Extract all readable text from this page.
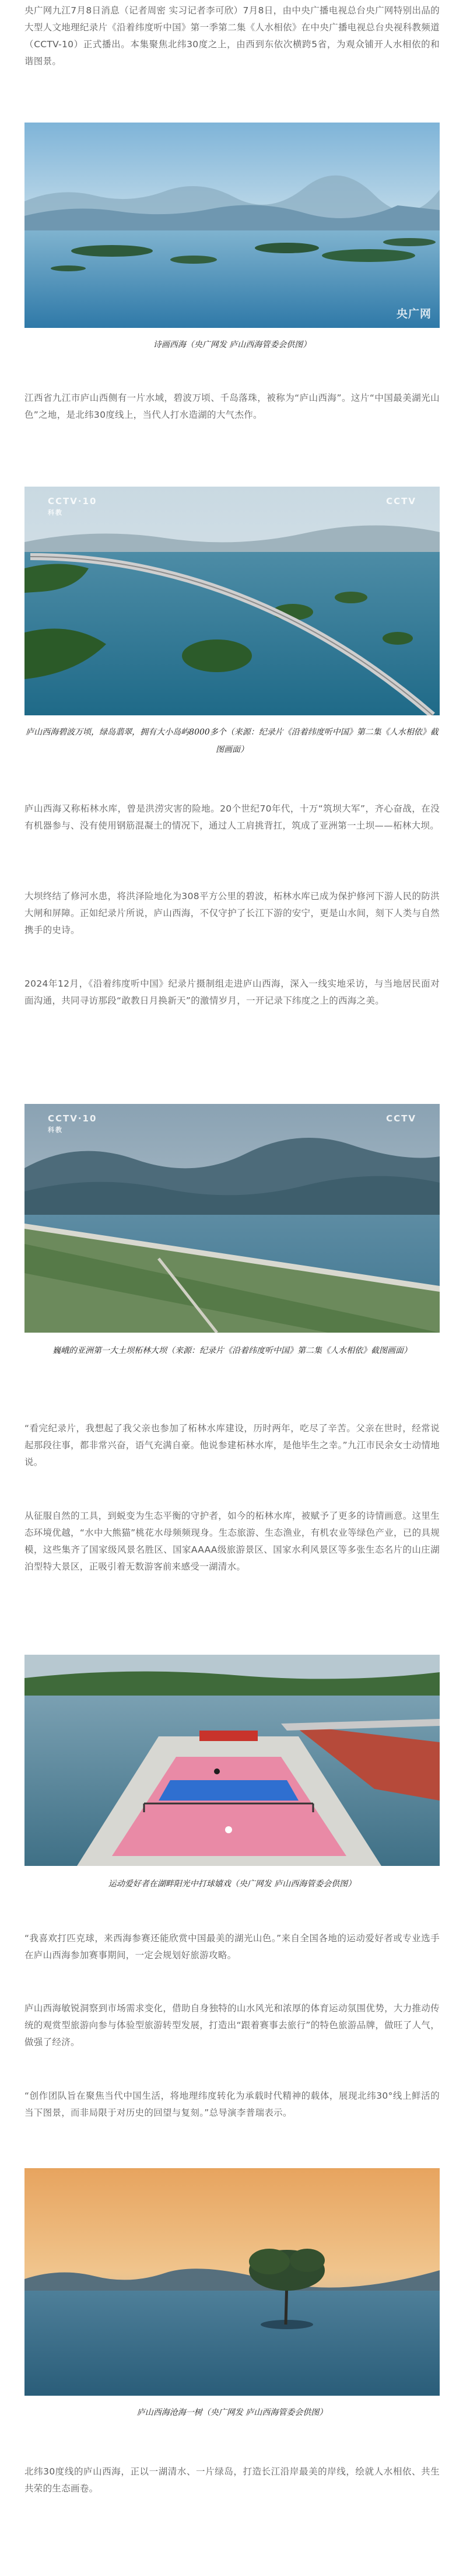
央广网九江7月8日消息（记者周密 实习记者李可欣）7月8日，由中央广播电视总台央广网特别出品的大型人文地理纪录片《沿着纬度听中国》第一季第二集《人水相依》在中央广播电视总台央视科教频道（CCTV-10）正式播出。本集聚焦北纬30度之上，由西到东依次横跨5省，为观众铺开人水相依的和谐图景。

央广网

诗画西海（央广网发 庐山西海管委会供图）

江西省九江市庐山西侧有一片水域，碧波万顷、千岛落珠，被称为“庐山西海”。这片“中国最美湖光山色”之地，是北纬30度线上，当代人打水造湖的大气杰作。

CCTV·10
科教
CCTV

庐山西海碧波万顷，绿岛翡翠，拥有大小岛屿8000多个（来源：纪录片《沿着纬度听中国》第二集《人水相依》截图画面）

庐山西海又称柘林水库，曾是洪涝灾害的险地。20个世纪70年代，十万“筑坝大军”，齐心奋战，在没有机器参与、没有使用钢筋混凝土的情况下，通过人工肩挑背扛，筑成了亚洲第一土坝——柘林大坝。

大坝终结了修河水患，将洪泽险地化为308平方公里的碧波，柘林水库已成为保护修河下游人民的防洪大闸和屏障。正如纪录片所说，庐山西海，不仅守护了长江下游的安宁，更是山水间，刻下人类与自然携手的史诗。

2024年12月，《沿着纬度听中国》纪录片摄制组走进庐山西海，深入一线实地采访，与当地居民面对面沟通，共同寻访那段“敢教日月换新天”的激情岁月，一开记录下纬度之上的西海之美。

CCTV·10
科教
CCTV

巍峨的亚洲第一大土坝柘林大坝（来源：纪录片《沿着纬度听中国》第二集《人水相依》截图画面）

“看完纪录片，我想起了我父亲也参加了柘林水库建设，历时两年，吃尽了辛苦。父亲在世时，经常说起那段往事，都非常兴奋，语气充满自豪。他说参建柘林水库，是他毕生之幸。”九江市民余女士动情地说。

从征服自然的工具，到蜕变为生态平衡的守护者，如今的柘林水库，被赋予了更多的诗情画意。这里生态环境优越，“水中大熊猫”桃花水母频频现身。生态旅游、生态渔业，有机农业等绿色产业，已的具规模，这些集齐了国家级风景名胜区、国家AAAA级旅游景区、国家水利风景区等多张生态名片的山庄湖泊型特大景区，正吸引着无数游客前来感受一湖清水。

运动爱好者在湖畔阳光中打球嬉戏（央广网发 庐山西海管委会供图）

“我喜欢打匹克球，来西海参赛还能欣赏中国最美的湖光山色。”来自全国各地的运动爱好者或专业选手在庐山西海参加赛事期间，一定会规划好旅游攻略。

庐山西海敏锐洞察到市场需求变化，借助自身独特的山水风光和浓厚的体育运动氛围优势，大力推动传统的观赏型旅游向参与体验型旅游转型发展，打造出“跟着赛事去旅行”的特色旅游品牌，做旺了人气，做强了经济。

“创作团队旨在聚焦当代中国生活，将地理纬度转化为承载时代精神的载体，展现北纬30°线上鲜活的当下图景，而非局限于对历史的回望与复刻。”总导演李普瑞表示。

庐山西海沧海一树（央广网发 庐山西海管委会供图）

北纬30度线的庐山西海，正以一湖清水、一片绿岛，打造长江沿岸最美的岸线，绘就人水相依、共生共荣的生态画卷。
